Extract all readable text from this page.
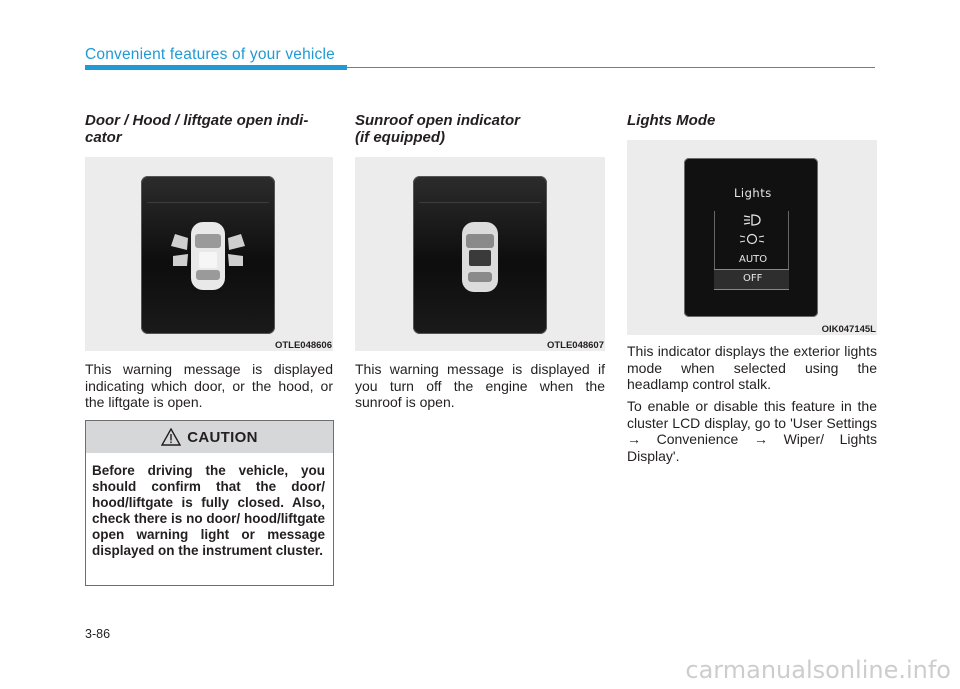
Convenient features of your vehicle
Door / Hood / liftgate open indi-
cator
OTLE048606
This warning message is displayed indicating which door, or the hood, or the liftgate is open.
CAUTION
Before driving the vehicle, you should confirm that the door/ hood/liftgate is fully closed. Also, check there is no door/ hood/liftgate open warning light or message displayed on the instrument cluster.
Sunroof open indicator
(if equipped)
OTLE048607
This warning message is displayed if you turn off the engine when the sunroof is open.
Lights Mode
OIK047145L
Lights
AUTO
OFF
This indicator displays the exterior lights mode when selected using the headlamp control stalk.
To enable or disable this feature in the cluster LCD display, go to 'User Settings → Convenience → Wiper/ Lights Display'.
3-86
carmanualsonline.info
